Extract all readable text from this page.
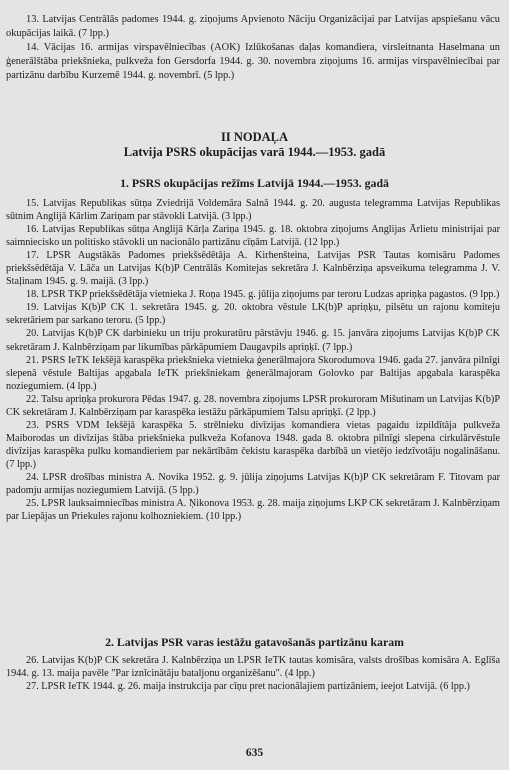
13. Latvijas Centrālās padomes 1944. g. ziņojums Apvienoto Nāciju Organizācijai par Latvijas apspiešanu vācu okupācijas laikā. (7 lpp.)

14. Vācijas 16. armijas virspavēlniecības (AOK) Izlūkošanas daļas komandiera, virsleitnanta Haselmana un ģenerālštāba priekšnieka, pulkveža fon Gersdorfa 1944. g. 30. novembra ziņojums 16. armijas virspavēlniecībai par partizānu darbību Kurzemē 1944. g. novembrī. (5 lpp.)

II NODAĻA
Latvija PSRS okupācijas varā 1944.—1953. gadā
1. PSRS okupācijas režīms Latvijā 1944.—1953. gadā

15. Latvijas Republikas sūtņa Zviedrijā Voldemāra Salnā 1944. g. 20. augusta telegramma Latvijas Republikas sūtnim Anglijā Kārlim Zariņam par stāvokli Latvijā. (3 lpp.)

16. Latvijas Republikas sūtņa Anglijā Kārļa Zariņa 1945. g. 18. oktobra ziņojums Anglijas Ārlietu ministrijai par saimniecisko un politisko stāvokli un nacionālo partizānu cīņām Latvijā. (12 lpp.)

17. LPSR Augstākās Padomes priekšsēdētāja A. Kirhenšteina, Latvijas PSR Tautas komisāru Padomes priekšsēdētāja V. Lāča un Latvijas K(b)P Centrālās Komitejas sekretāra J. Kalnbērziņa apsveikuma telegramma J. V. Staļinam 1945. g. 9. maijā. (3 lpp.)

18. LPSR TKP priekšsēdētāja vietnieka J. Roņa 1945. g. jūlija ziņojums par teroru Ludzas apriņķa pagastos. (9 lpp.)

19. Latvijas K(b)P CK 1. sekretāra 1945. g. 20. oktobra vēstule LK(b)P apriņķu, pilsētu un rajonu komiteju sekretāriem par sarkano teroru. (5 lpp.)

20. Latvijas K(b)P CK darbinieku un triju prokuratūru pārstāvju 1946. g. 15. janvāra ziņojums Latvijas K(b)P CK sekretāram J. Kalnbērziņam par likumības pārkāpumiem Daugavpils apriņķī. (7 lpp.)

21. PSRS IeTK Iekšējā karaspēka priekšnieka vietnieka ģenerālmajora Skorodumova 1946. gada 27. janvāra pilnīgi slepenā vēstule Baltijas apgabala IeTK priekšniekam ģenerālmajoram Golovko par Baltijas apgabala karaspēka noziegumiem. (4 lpp.)

22. Talsu apriņķa prokurora Pēdas 1947. g. 28. novembra ziņojums LPSR prokuroram Mišutinam un Latvijas K(b)P CK sekretāram J. Kalnbērziņam par karaspēka iestāžu pārkāpumiem Talsu apriņķī. (2 lpp.)

23. PSRS VDM Iekšējā karaspēka 5. strēlnieku divīzijas komandiera vietas pagaidu izpildītāja pulkveža Maiborodas un divīzijas štāba priekšnieka pulkveža Kofanova 1948. gada 8. oktobra pilnīgi slepena cirkulārvēstule divīzijas karaspēka pulku komandieriem par nekārtībām čekistu karaspēka darbībā un vietējo iedzīvotāju nogalināšanu. (7 lpp.)

24. LPSR drošības ministra A. Novika 1952. g. 9. jūlija ziņojums Latvijas K(b)P CK sekretāram F. Titovam par padomju armijas noziegumiem Latvijā. (5 lpp.)

25. LPSR lauksaimniecības ministra A. Ņikonova 1953. g. 28. maija ziņojums LKP CK sekretāram J. Kalnbērziņam par Liepājas un Priekules rajonu kolhozniekiem. (10 lpp.)

2. Latvijas PSR varas iestāžu gatavošanās partizānu karam

26. Latvijas K(b)P CK sekretāra J. Kalnbērziņa un LPSR IeTK tautas komisāra, valsts drošības komisāra A. Eglīša 1944. g. 13. maija pavēle "Par iznīcinātāju bataljonu organizēšanu". (4 lpp.)

27. LPSR IeTK 1944. g. 26. maija instrukcija par cīņu pret nacionālajiem partizāniem, ieejot Latvijā. (6 lpp.)

635
